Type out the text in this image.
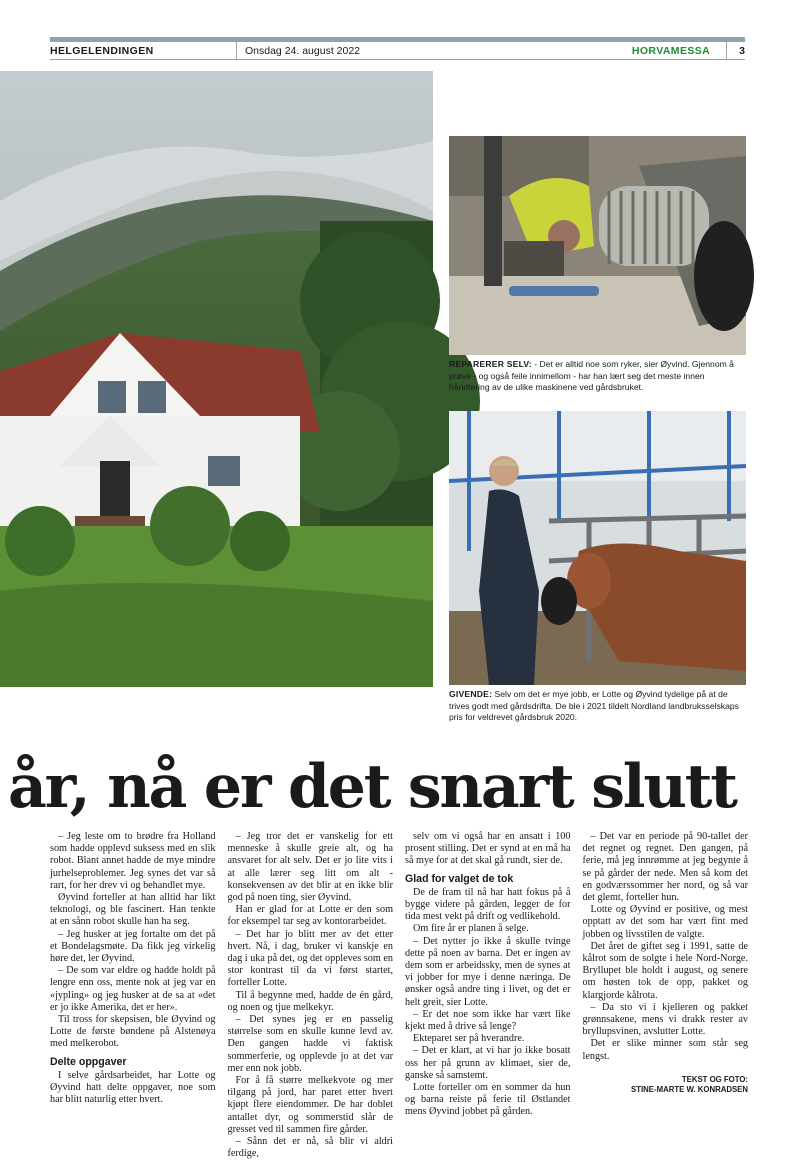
HELGELENDINGEN	Onsdag 24. august 2022	HORVAMESSA	3
REPARERER SELV: - Det er alltid noe som ryker, sier Øyvind. Gjennom å prøve - og også feile innimellom - har han lært seg det meste innen håndtering av de ulike maskinene ved gårdsbruket.
GIVENDE: Selv om det er mye jobb, er Lotte og Øyvind tydelige på at de trives godt med gårdsdrifta. De ble i 2021 tildelt Nordland landbruksselskaps pris for veldrevet gårdsbruk 2020.
år, nå er det snart slutt

– Jeg leste om to brødre fra Holland som hadde opplevd suksess med en slik robot. Blant annet hadde de mye mindre jurhelseproblemer. Jeg synes det var så rart, for her drev vi og behandlet mye.

Øyvind forteller at han alltid har likt teknologi, og ble fascinert. Han tenkte at en sånn robot skulle han ha seg.

– Jeg husker at jeg fortalte om det på et Bondelagsmøte. Da fikk jeg virkelig høre det, ler Øyvind.

– De som var eldre og hadde holdt på lengre enn oss, mente nok at jeg var en «jypling» og jeg husker at de sa at «det er jo ikke Amerika, det er her».

Til tross for skepsisen, ble Øyvind og Lotte de første bøndene på Alstenøya med melkerobot.

Delte oppgaver

I selve gårdsarbeidet, har Lotte og Øyvind hatt delte oppgaver, noe som har blitt naturlig etter hvert.

– Jeg tror det er vanskelig for ett menneske å skulle greie alt, og ha ansvaret for alt selv. Det er jo lite vits i at alle lærer seg litt om alt - konsekvensen av det blir at en ikke blir god på noen ting, sier Øyvind.

Han er glad for at Lotte er den som for eksempel tar seg av kontorarbeidet.

– Det har jo blitt mer av det etter hvert. Nå, i dag, bruker vi kanskje en dag i uka på det, og det oppleves som en stor kontrast til da vi først startet, forteller Lotte.

Til å begynne med, hadde de én gård, og noen og tjue melkekyr.

– Det synes jeg er en passelig størrelse som en skulle kunne levd av. Den gangen hadde vi faktisk sommerferie, og opplevde jo at det var mer enn nok jobb.

For å få større melkekvote og mer tilgang på jord, har paret etter hvert kjøpt flere eiendommer. De har doblet antallet dyr, og sommerstid slår de gresset ved til sammen fire gårder.

– Sånn det er nå, så blir vi aldri ferdige,

selv om vi også har en ansatt i 100 prosent stilling. Det er synd at en må ha så mye for at det skal gå rundt, sier de.

Glad for valget de tok

De de fram til nå har hatt fokus på å bygge videre på gården, legger de for tida mest vekt på drift og vedlikehold.

Om fire år er planen å selge.

– Det nytter jo ikke å skulle tvinge dette på noen av barna. Det er ingen av dem som er arbeidssky, men de synes at vi jobber for mye i denne næringa. De ønsker også andre ting i livet, og det er helt greit, sier Lotte.

– Er det noe som ikke har vært like kjekt med å drive så lenge?

Ekteparet ser på hverandre.

– Det er klart, at vi har jo ikke bosatt oss her på grunn av klimaet, sier de, ganske så samstemt.

Lotte forteller om en sommer da hun og barna reiste på ferie til Østlandet mens Øyvind jobbet på gården.

– Det var en periode på 90-tallet der det regnet og regnet. Den gangen, på ferie, må jeg innrømme at jeg begynte å se på gårder der nede. Men så kom det en godværssommer her nord, og så var det glemt, forteller hun.

Lotte og Øyvind er positive, og mest opptatt av det som har vært fint med jobben og livsstilen de valgte.

Det året de giftet seg i 1991, satte de kålrot som de solgte i hele Nord-Norge. Bryllupet ble holdt i august, og senere om høsten tok de opp, pakket og klargjorde kålrota.

– Da sto vi i kjelleren og pakket grønnsakene, mens vi drakk rester av bryllupsvinen, avslutter Lotte.

Det er slike minner som står seg lengst.

TEKST OG FOTO:
STINE-MARTE W. KONRADSEN
